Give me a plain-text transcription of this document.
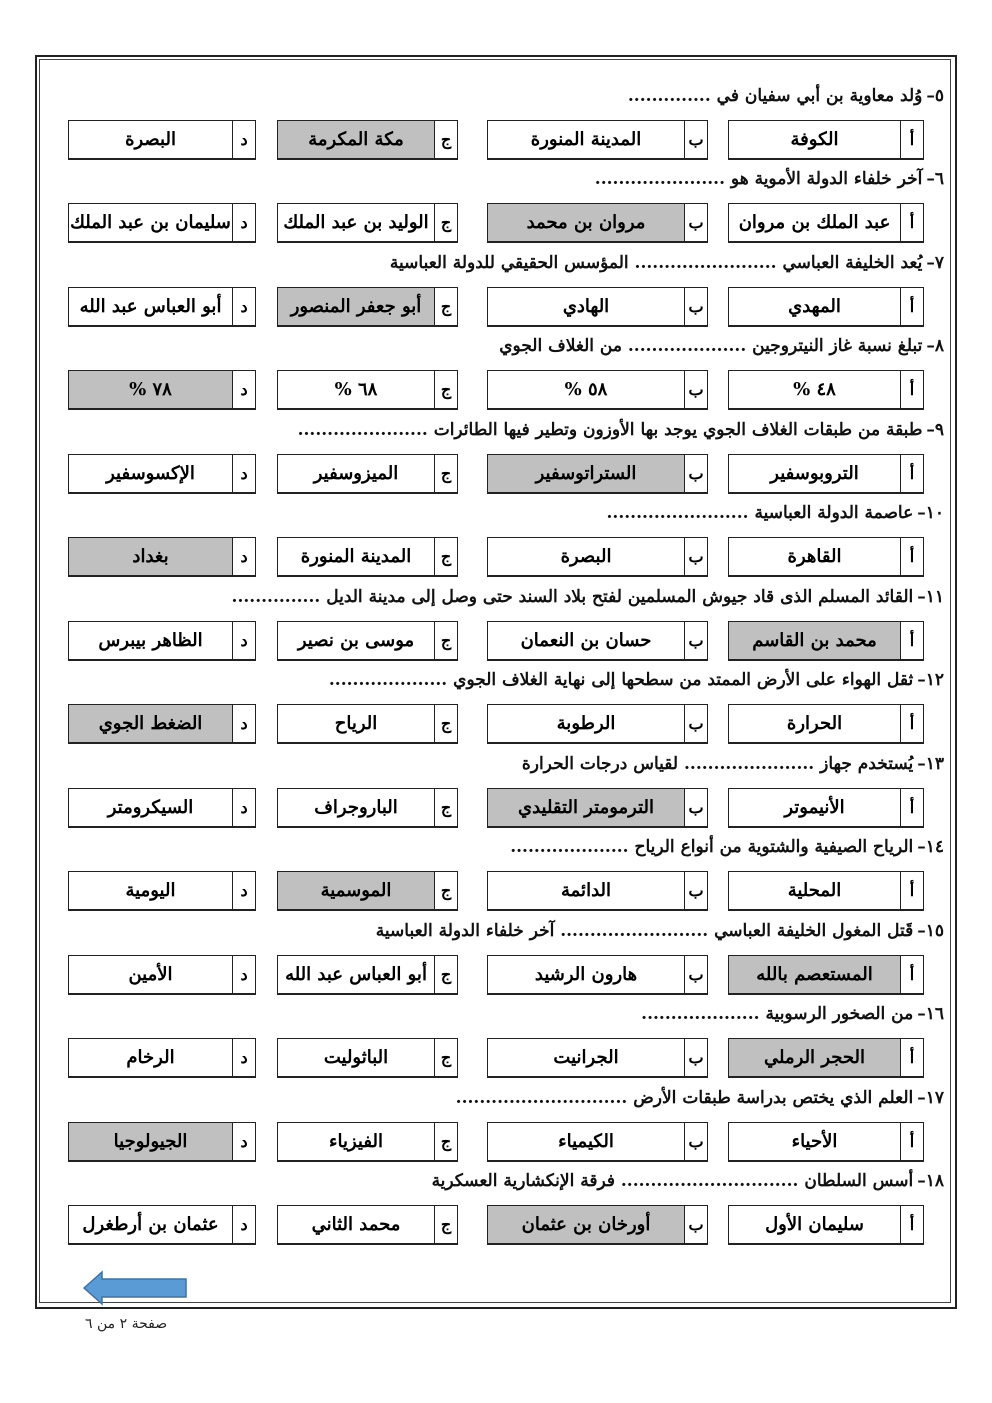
٥–وُلد معاوية بن أبي سفيان في ..............
أ
الكوفة
ب
المدينة المنورة
ج
مكة المكرمة
د
البصرة
٦–آخر خلفاء الدولة الأموية هو ......................
أ
عبد الملك بن مروان
ب
مروان بن محمد
ج
الوليد بن عبد الملك
د
سليمان بن عبد الملك
٧–يُعد الخليفة العباسي ........................ المؤسس الحقيقي للدولة العباسية
أ
المهدي
ب
الهادي
ج
أبو جعفر المنصور
د
أبو العباس عبد الله
٨–تبلغ نسبة غاز النيتروجين .................... من الغلاف الجوي
أ
٤٨ %
ب
٥٨ %
ج
٦٨ %
د
٧٨ %
٩–طبقة من طبقات الغلاف الجوي يوجد بها الأوزون وتطير فيها الطائرات ......................
أ
التروبوسفير
ب
الستراتوسفير
ج
الميزوسفير
د
الإكسوسفير
١٠–عاصمة الدولة العباسية ........................
أ
القاهرة
ب
البصرة
ج
المدينة المنورة
د
بغداد
١١–القائد المسلم الذى قاد جيوش المسلمين لفتح بلاد السند حتى وصل إلى مدينة الديل ...............
أ
محمد بن القاسم
ب
حسان بن النعمان
ج
موسى بن نصير
د
الظاهر بيبرس
١٢–ثقل الهواء على الأرض الممتد من سطحها إلى نهاية الغلاف الجوي ....................
أ
الحرارة
ب
الرطوبة
ج
الرياح
د
الضغط الجوي
١٣–يُستخدم جهاز ...................... لقياس درجات الحرارة
أ
الأنيموتر
ب
الترمومتر التقليدي
ج
الباروجراف
د
السيكرومتر
١٤–الرياح الصيفية والشتوية من أنواع الرياح ....................
أ
المحلية
ب
الدائمة
ج
الموسمية
د
اليومية
١٥–قَتل المغول الخليفة العباسي ......................... آخر خلفاء الدولة العباسية
أ
المستعصم بالله
ب
هارون الرشيد
ج
أبو العباس عبد الله
د
الأمين
١٦–من الصخور الرسوبية ....................
أ
الحجر الرملي
ب
الجرانيت
ج
الباثوليت
د
الرخام
١٧–العلم الذي يختص بدراسة طبقات الأرض .............................
أ
الأحياء
ب
الكيمياء
ج
الفيزياء
د
الجيولوجيا
١٨–أسس السلطان .............................. فرقة الإنكشارية العسكرية
أ
سليمان الأول
ب
أورخان بن عثمان
ج
محمد الثاني
د
عثمان بن أرطغرل
صفحة ٢ من ٦
